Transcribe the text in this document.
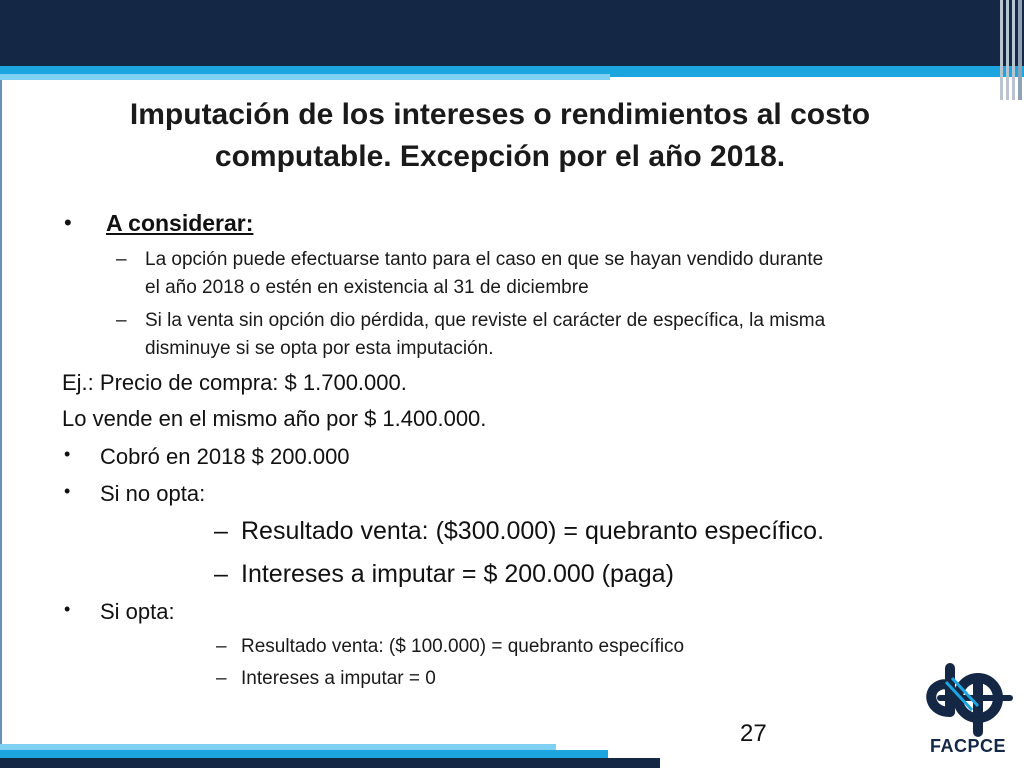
Imputación de los intereses o rendimientos al costo
computable. Excepción por el año 2018.
• A considerar:
– La opción puede efectuarse tanto para el caso en que se hayan vendido durante
el año 2018 o estén en existencia al 31 de diciembre
– Si la venta sin opción dio pérdida, que reviste el carácter de específica, la misma
disminuye si se opta por esta imputación.
Ej.: Precio de compra: $ 1.700.000.
Lo vende en el mismo año por $ 1.400.000.
• Cobró en 2018 $ 200.000
• Si no opta:
– Resultado venta: ($300.000) = quebranto específico.
– Intereses a imputar = $ 200.000 (paga)
• Si opta:
– Resultado venta: ($ 100.000) = quebranto específico
– Intereses a imputar = 0
27	FACPCE
